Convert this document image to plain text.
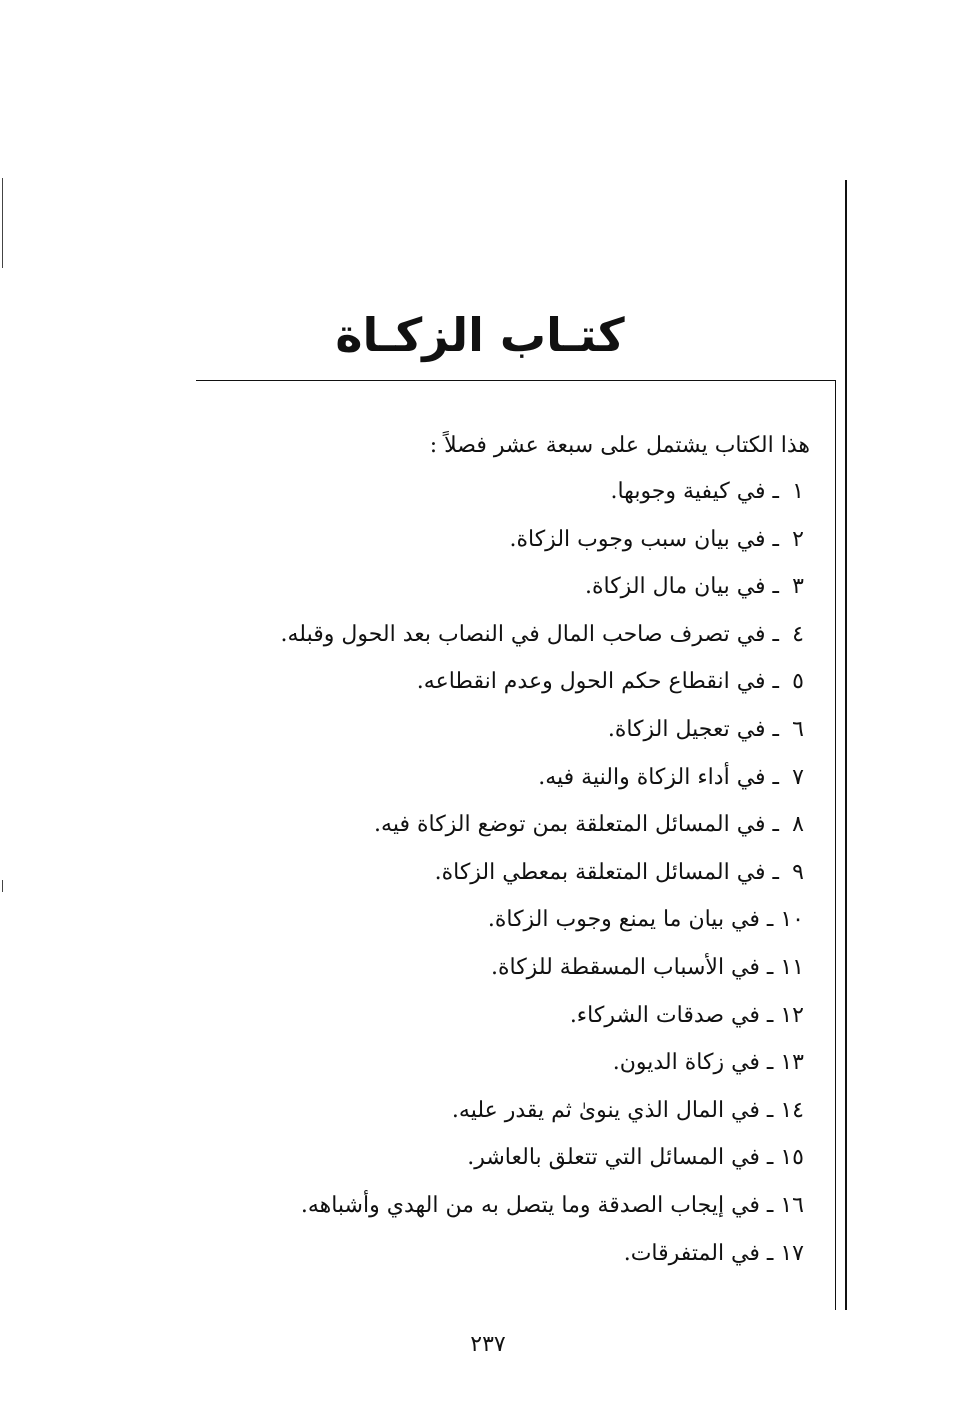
كتـاب الزكـاة
هذا الكتاب يشتمل على سبعة عشر فصلاً :
١ ـ في كيفية وجوبها.
٢ ـ في بيان سبب وجوب الزكاة.
٣ ـ في بيان مال الزكاة.
٤ ـ في تصرف صاحب المال في النصاب بعد الحول وقبله.
٥ ـ في انقطاع حكم الحول وعدم انقطاعه.
٦ ـ في تعجيل الزكاة.
٧ ـ في أداء الزكاة والنية فيه.
٨ ـ في المسائل المتعلقة بمن توضع الزكاة فيه.
٩ ـ في المسائل المتعلقة بمعطي الزكاة.
١٠ ـ في بيان ما يمنع وجوب الزكاة.
١١ ـ في الأسباب المسقطة للزكاة.
١٢ ـ في صدقات الشركاء.
١٣ ـ في زكاة الديون.
١٤ ـ في المال الذي ينوىٰ ثم يقدر عليه.
١٥ ـ في المسائل التي تتعلق بالعاشر.
١٦ ـ في إيجاب الصدقة وما يتصل به من الهدي وأشباهه.
١٧ ـ في المتفرقات.
٢٣٧
